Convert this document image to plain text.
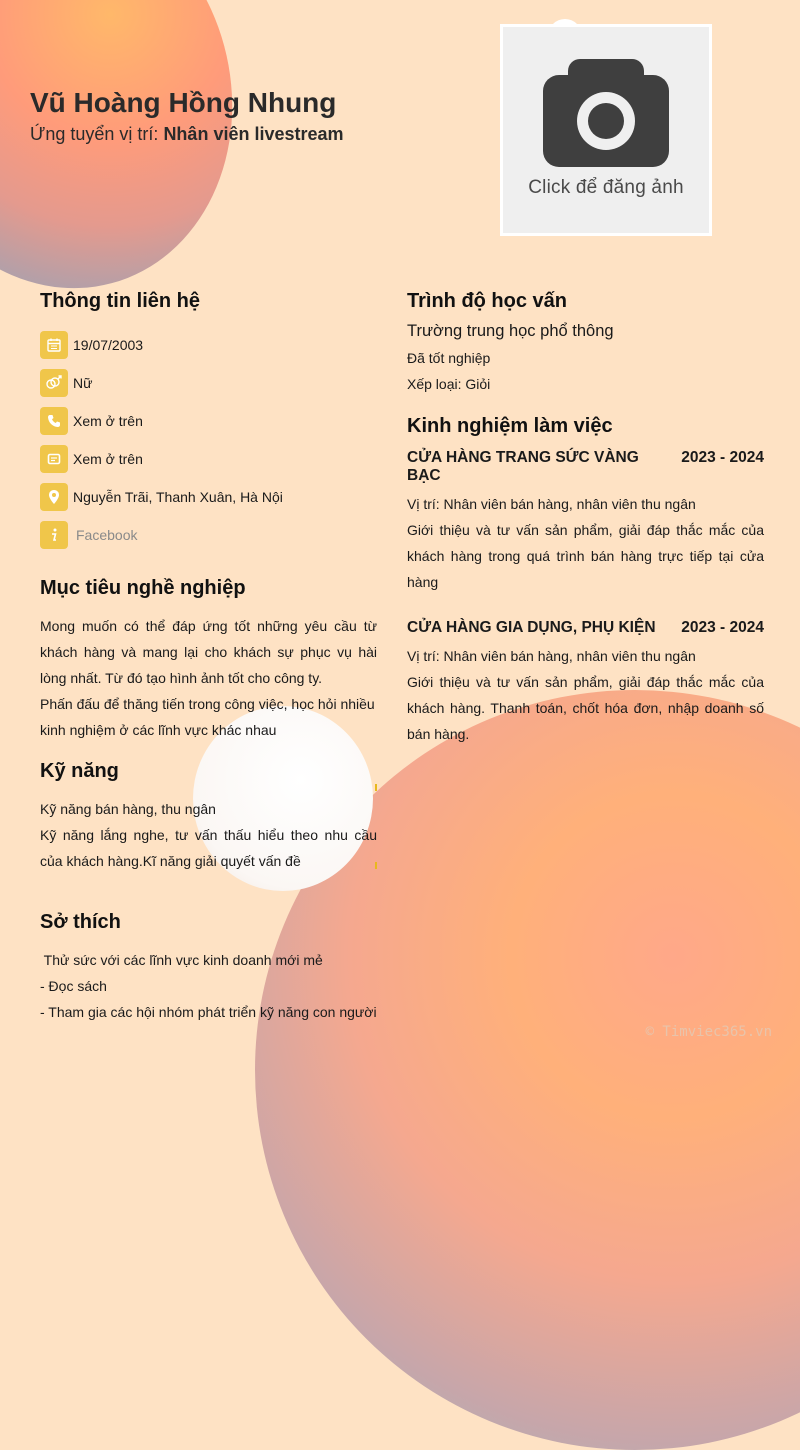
Vũ Hoàng Hồng Nhung
Ứng tuyển vị trí: Nhân viên livestream
Click để đăng ảnh
Thông tin liên hệ
19/07/2003
Nữ
Xem ở trên
Xem ở trên
Nguyễn Trãi, Thanh Xuân, Hà Nội
Facebook
Mục tiêu nghề nghiệp

Mong muốn có thể đáp ứng tốt những yêu cầu từ khách hàng và mang lại cho khách sự phục vụ hài lòng nhất. Từ đó tạo hình ảnh tốt cho công ty.

Phấn đấu để thăng tiến trong công việc, học hỏi nhiều kinh nghiệm ở các lĩnh vực khác nhau

Kỹ năng

Kỹ năng bán hàng, thu ngân

Kỹ năng lắng nghe, tư vấn thấu hiểu theo nhu cầu của khách hàng.Kĩ năng giải quyết vấn đề

Sở thích

Thử sức với các lĩnh vực kinh doanh mới mẻ

- Đọc sách

- Tham gia các hội nhóm phát triển kỹ năng con người

Trình độ học vấn
Trường trung học phổ thông

Đã tốt nghiệp

Xếp loại: Giỏi

Kinh nghiệm làm việc
CỬA HÀNG TRANG SỨC VÀNG BẠC
2023 - 2024
Vị trí: Nhân viên bán hàng, nhân viên thu ngân

Giới thiệu và tư vấn sản phẩm, giải đáp thắc mắc của khách hàng trong quá trình bán hàng trực tiếp tại cửa hàng

CỬA HÀNG GIA DỤNG, PHỤ KIỆN 2023 - 2024
Vị trí: Nhân viên bán hàng, nhân viên thu ngân

Giới thiệu và tư vấn sản phẩm, giải đáp thắc mắc của khách hàng. Thanh toán, chốt hóa đơn, nhập doanh số bán hàng.

© Timviec365.vn
